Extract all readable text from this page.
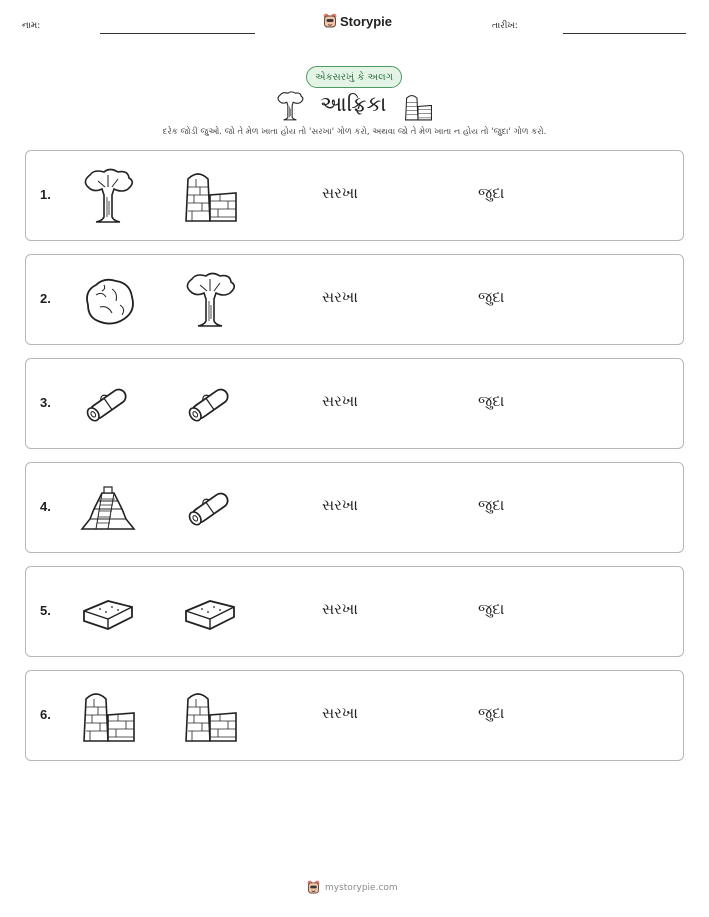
નામ:	Storypie	તારીખ:
એકસરખું કે અલગ
આફ્રિકા
દરેક જોડી જુઓ. જો તે મેળ ખાતા હોય તો 'સરખા' ગોળ કરો, અથવા જો તે મેળ ખાતા ન હોય તો 'જુદા' ગોળ કરો.
1.	સરખા	જુદા
2.	સરખા	જુદા
3.	સરખા	જુદા
4.	સરખા	જુદા
5.	સરખા	જુદા
6.	સરખા	જુદા
mystorypie.com
